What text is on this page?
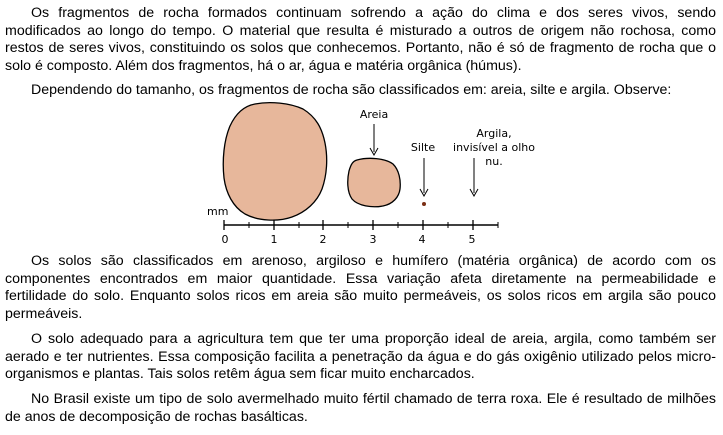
Os fragmentos de rocha formados continuam sofrendo a ação do clima e dos seres vivos, sendo modificados ao longo do tempo. O material que resulta é misturado a outros de origem não rochosa, como restos de seres vivos, constituindo os solos que conhecemos. Portanto, não é só de fragmento de rocha que o solo é composto. Além dos fragmentos, há o ar, água e matéria orgânica (húmus).

Dependendo do tamanho, os fragmentos de rocha são classificados em: areia, silte e argila. Observe:

Areia
Silte
Argila,
invisível a olho
nu.
mm
0	1	2	3	4	5

Os solos são classificados em arenoso, argiloso e humífero (matéria orgânica) de acordo com os componentes encontrados em maior quantidade. Essa variação afeta diretamente na permeabilidade e fertilidade do solo. Enquanto solos ricos em areia são muito permeáveis, os solos ricos em argila são pouco permeáveis.

O solo adequado para a agricultura tem que ter uma proporção ideal de areia, argila, como também ser aerado e ter nutrientes. Essa composição facilita a penetração da água e do gás oxigênio utilizado pelos micro-organismos e plantas. Tais solos retêm água sem ficar muito encharcados.

No Brasil existe um tipo de solo avermelhado muito fértil chamado de terra roxa. Ele é resultado de milhões de anos de decomposição de rochas basálticas.
